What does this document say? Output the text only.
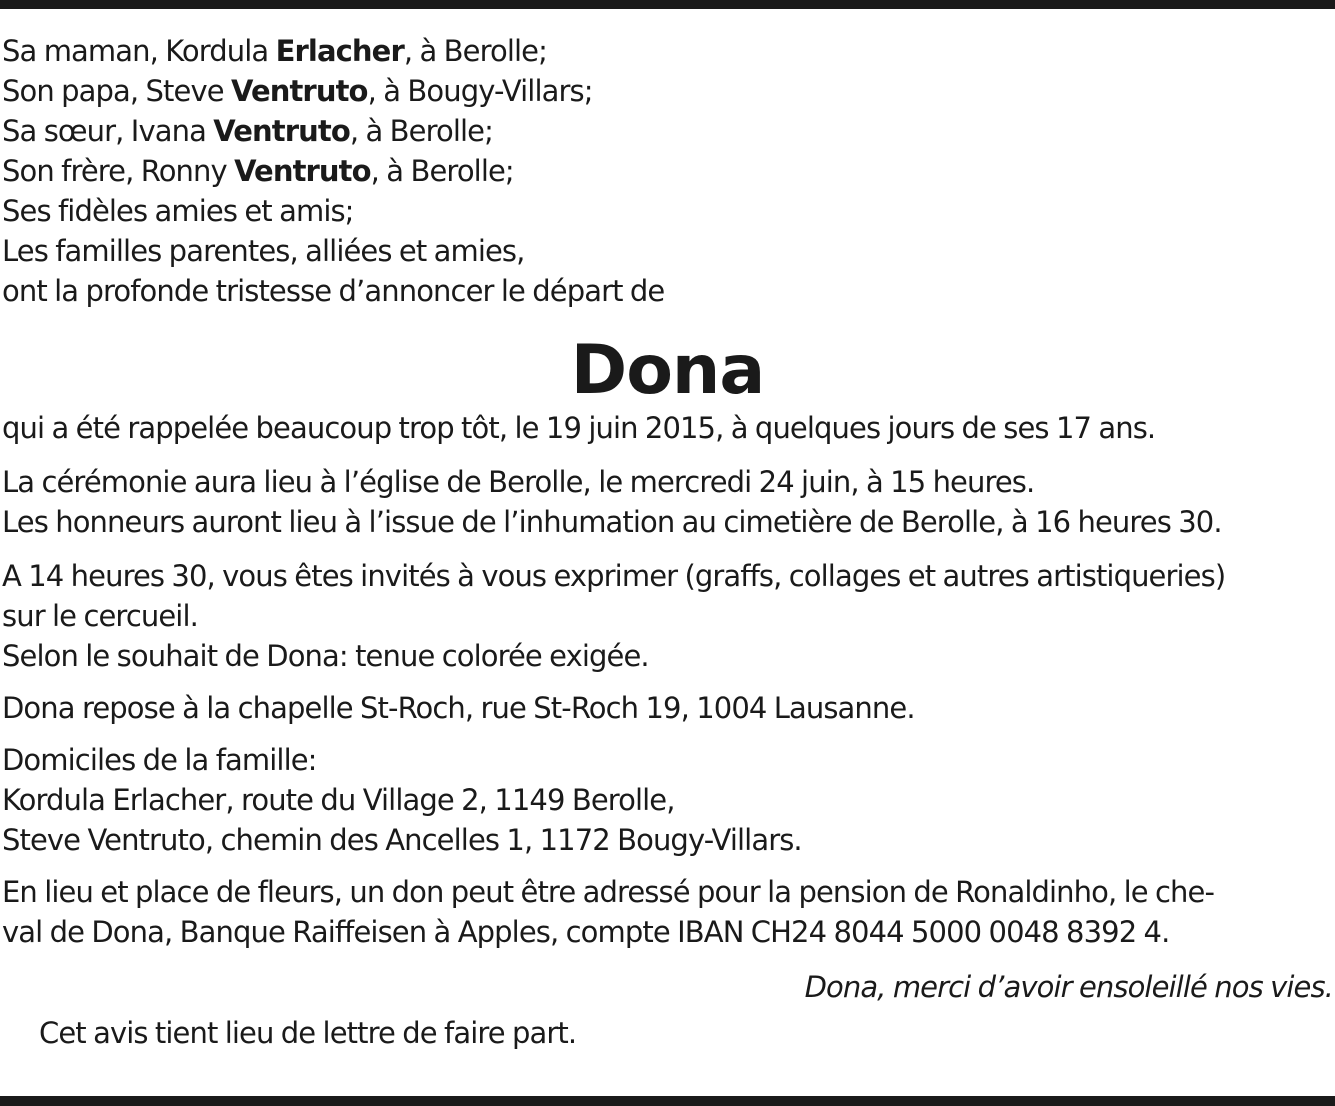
Sa maman, Kordula Erlacher, à Berolle;
Son papa, Steve Ventruto, à Bougy-Villars;
Sa sœur, Ivana Ventruto, à Berolle;
Son frère, Ronny Ventruto, à Berolle;
Ses fidèles amies et amis;
Les familles parentes, alliées et amies,
ont la profonde tristesse d’annoncer le départ de
Dona
qui a été rappelée beaucoup trop tôt, le 19 juin 2015, à quelques jours de ses 17 ans.
La cérémonie aura lieu à l’église de Berolle, le mercredi 24 juin, à 15 heures.
Les honneurs auront lieu à l’issue de l’inhumation au cimetière de Berolle, à 16 heures 30.
A 14 heures 30, vous êtes invités à vous exprimer (graffs, collages et autres artistiqueries)
sur le cercueil.
Selon le souhait de Dona: tenue colorée exigée.
Dona repose à la chapelle St-Roch, rue St-Roch 19, 1004 Lausanne.
Domiciles de la famille:
Kordula Erlacher, route du Village 2, 1149 Berolle,
Steve Ventruto, chemin des Ancelles 1, 1172 Bougy-Villars.
En lieu et place de fleurs, un don peut être adressé pour la pension de Ronaldinho, le che-
val de Dona, Banque Raiffeisen à Apples, compte IBAN CH24 8044 5000 0048 8392 4.
Dona, merci d’avoir ensoleillé nos vies.
Cet avis tient lieu de lettre de faire part.
